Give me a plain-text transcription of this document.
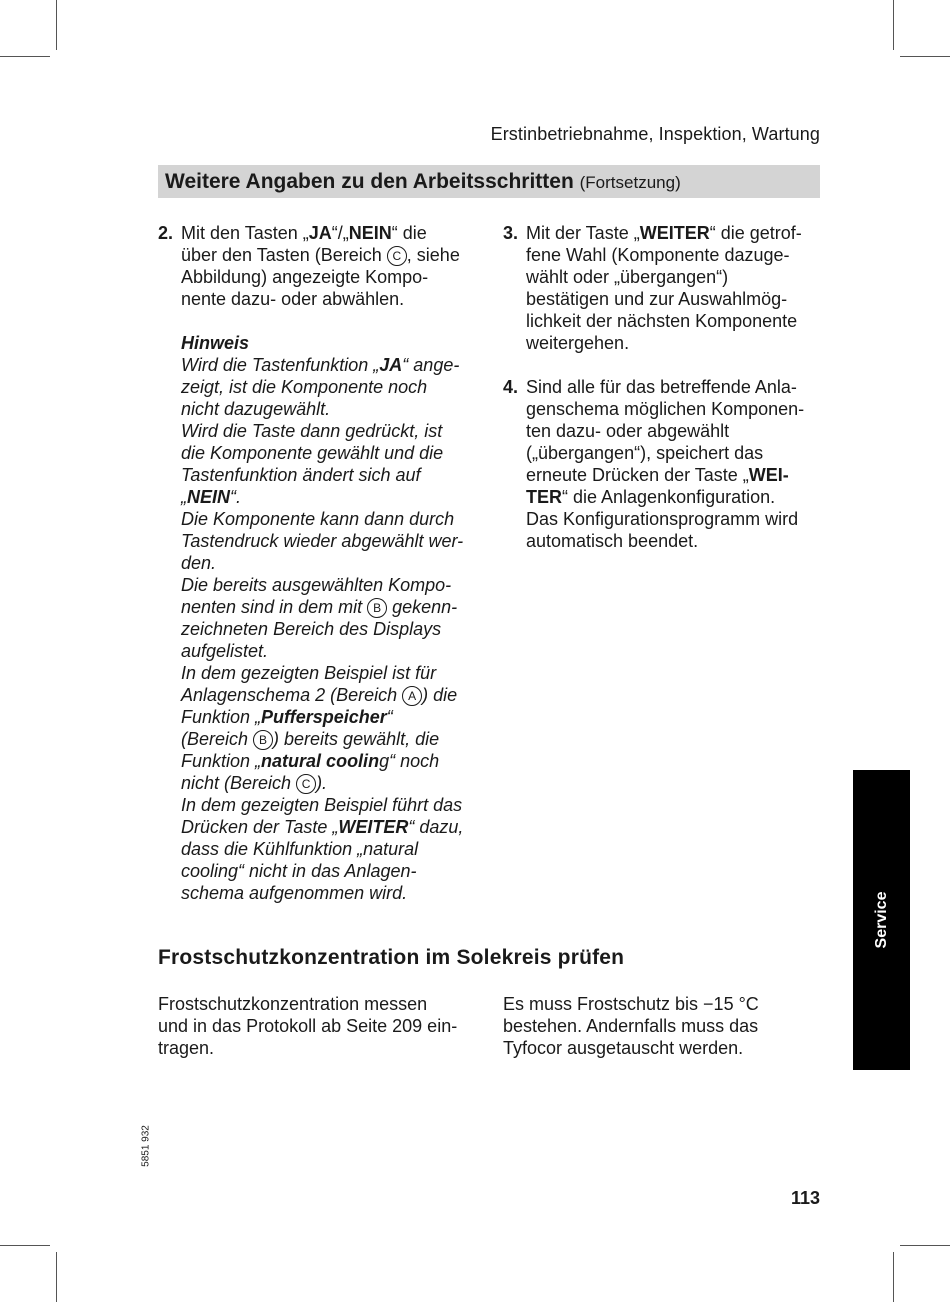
Erstinbetriebnahme, Inspektion, Wartung
Weitere Angaben zu den Arbeitsschritten (Fortsetzung)
2. Mit den Tasten „JA“/„NEIN“ die
über den Tasten (Bereich C , siehe
Abbildung) angezeigte Kompo-
nente dazu- oder abwählen.
Hinweis
Wird die Tastenfunktion „JA“ ange-
zeigt, ist die Komponente noch
nicht dazugewählt.
Wird die Taste dann gedrückt, ist
die Komponente gewählt und die
Tastenfunktion ändert sich auf
„NEIN“.
Die Komponente kann dann durch
Tastendruck wieder abgewählt wer-
den.
Die bereits ausgewählten Kompo-
nenten sind in dem mit B gekenn-
zeichneten Bereich des Displays
aufgelistet.
In dem gezeigten Beispiel ist für
Anlagenschema 2 (Bereich A ) die
Funktion „Pufferspeicher“
(Bereich B ) bereits gewählt, die
Funktion „natural cooling“ noch
nicht (Bereich C ).
In dem gezeigten Beispiel führt das
Drücken der Taste „WEITER“ dazu,
dass die Kühlfunktion „natural
cooling“ nicht in das Anlagen-
schema aufgenommen wird.
3. Mit der Taste „WEITER“ die getrof-
fene Wahl (Komponente dazuge-
wählt oder „übergangen“)
bestätigen und zur Auswahlmög-
lichkeit der nächsten Komponente
weitergehen.
4. Sind alle für das betreffende Anla-
genschema möglichen Komponen-
ten dazu- oder abgewählt
(„übergangen“), speichert das
erneute Drücken der Taste „WEI-
TER“ die Anlagenkonfiguration.
Das Konfigurationsprogramm wird
automatisch beendet.
Frostschutzkonzentration im Solekreis prüfen
Frostschutzkonzentration messen
und in das Protokoll ab Seite 209 ein-
tragen.
Es muss Frostschutz bis −15 °C
bestehen. Andernfalls muss das
Tyfocor ausgetauscht werden.
Service
5851 932
113
